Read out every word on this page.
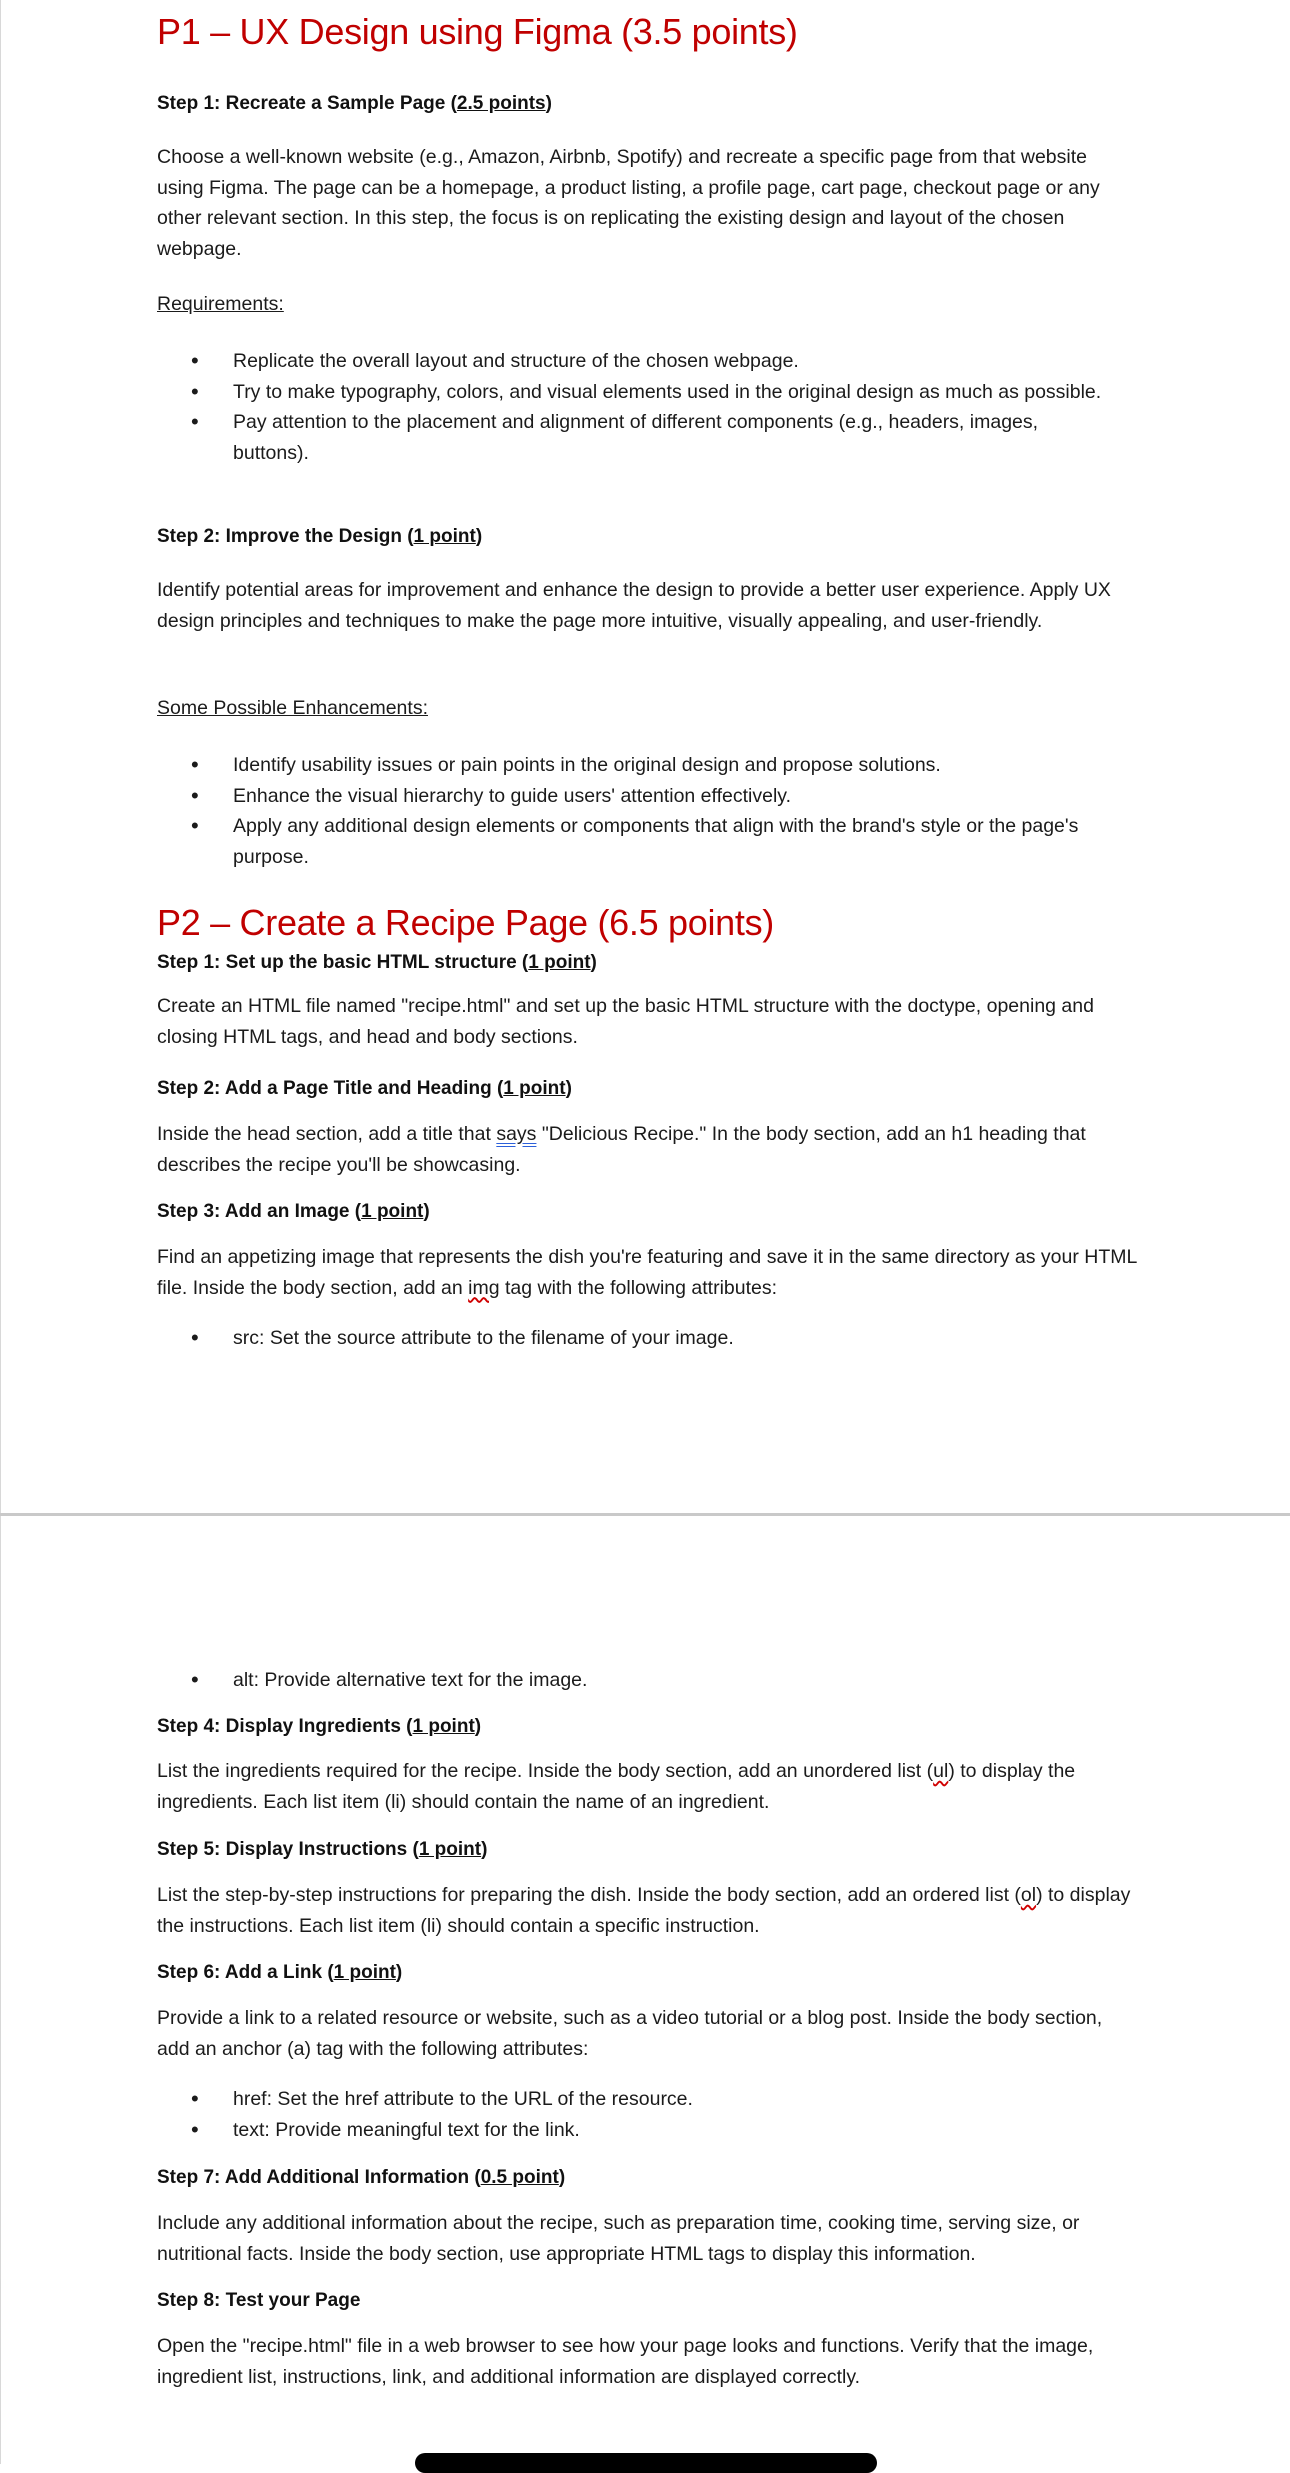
P1 – UX Design using Figma (3.5 points)
Step 1: Recreate a Sample Page (2.5 points)

Choose a well-known website (e.g., Amazon, Airbnb, Spotify) and recreate a specific page from that website using Figma. The page can be a homepage, a product listing, a profile page, cart page, checkout page or any other relevant section. In this step, the focus is on replicating the existing design and layout of the chosen webpage.

Requirements:

• Replicate the overall layout and structure of the chosen webpage.
• Try to make typography, colors, and visual elements used in the original design as much as possible.
• Pay attention to the placement and alignment of different components (e.g., headers, images, buttons).
Step 2: Improve the Design (1 point)

Identify potential areas for improvement and enhance the design to provide a better user experience. Apply UX design principles and techniques to make the page more intuitive, visually appealing, and user-friendly.

Some Possible Enhancements:

• Identify usability issues or pain points in the original design and propose solutions.
• Enhance the visual hierarchy to guide users' attention effectively.
• Apply any additional design elements or components that align with the brand's style or the page's purpose.
P2 – Create a Recipe Page (6.5 points)
Step 1: Set up the basic HTML structure (1 point)

Create an HTML file named "recipe.html" and set up the basic HTML structure with the doctype, opening and closing HTML tags, and head and body sections.

Step 2: Add a Page Title and Heading (1 point)

Inside the head section, add a title that says "Delicious Recipe." In the body section, add an h1 heading that describes the recipe you'll be showcasing.

Step 3: Add an Image (1 point)

Find an appetizing image that represents the dish you're featuring and save it in the same directory as your HTML file. Inside the body section, add an img tag with the following attributes:

• src: Set the source attribute to the filename of your image.
• alt: Provide alternative text for the image.
Step 4: Display Ingredients (1 point)

List the ingredients required for the recipe. Inside the body section, add an unordered list (ul) to display the ingredients. Each list item (li) should contain the name of an ingredient.

Step 5: Display Instructions (1 point)

List the step-by-step instructions for preparing the dish. Inside the body section, add an ordered list (ol) to display the instructions. Each list item (li) should contain a specific instruction.

Step 6: Add a Link (1 point)

Provide a link to a related resource or website, such as a video tutorial or a blog post. Inside the body section, add an anchor (a) tag with the following attributes:

• href: Set the href attribute to the URL of the resource.
• text: Provide meaningful text for the link.
Step 7: Add Additional Information (0.5 point)

Include any additional information about the recipe, such as preparation time, cooking time, serving size, or nutritional facts. Inside the body section, use appropriate HTML tags to display this information.

Step 8: Test your Page

Open the "recipe.html" file in a web browser to see how your page looks and functions. Verify that the image, ingredient list, instructions, link, and additional information are displayed correctly.
